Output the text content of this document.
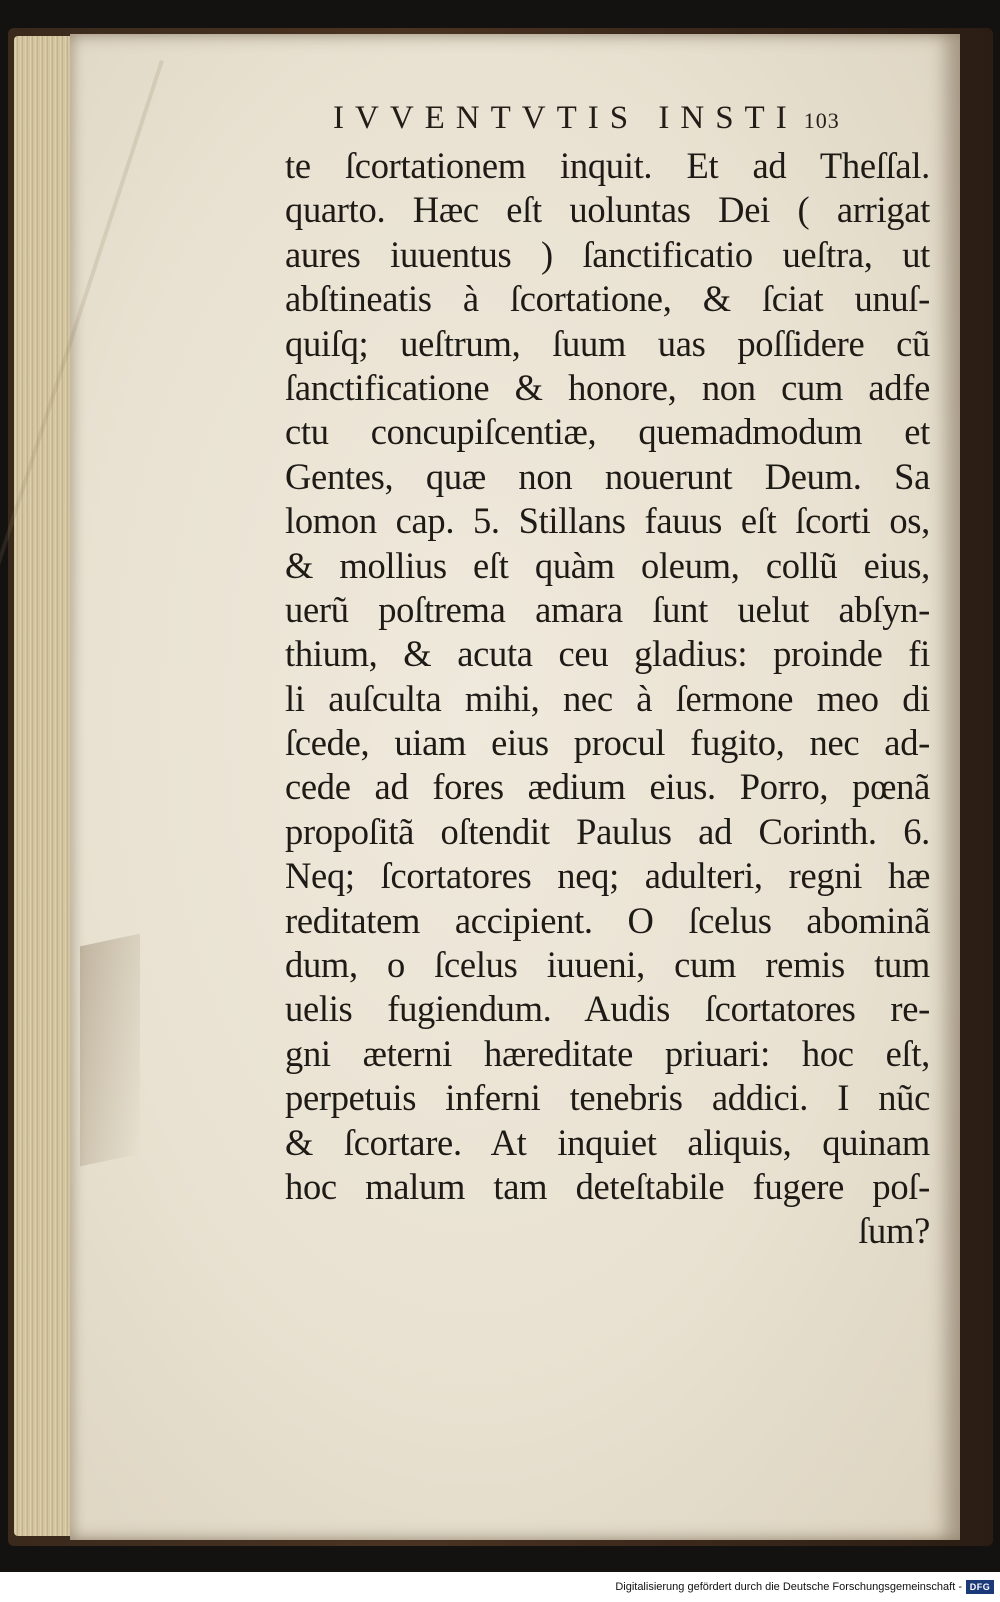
IVVENTVTIS INSTI 103
te ſcortationem inquit. Et ad Theſſal.
quarto. Hæc eſt uoluntas Dei ( arrigat
aures iuuentus ) ſanctificatio ueſtra, ut
abſtineatis à ſcortatione, & ſciat unuſ-
quiſq; ueſtrum, ſuum uas poſſidere cũ
ſanctificatione & honore, non cum adfe
ctu concupiſcentiæ, quemadmodum et
Gentes, quæ non nouerunt Deum. Sa
lomon cap. 5. Stillans fauus eſt ſcorti os,
& mollius eſt quàm oleum, collũ eius,
uerũ poſtrema amara ſunt uelut abſyn-
thium, & acuta ceu gladius: proinde fi
li auſculta mihi, nec à ſermone meo di
ſcede, uiam eius procul fugito, nec ad-
cede ad fores ædium eius. Porro, pœnã
propoſitã oſtendit Paulus ad Corinth. 6.
Neq; ſcortatores neq; adulteri, regni hæ
reditatem accipient. O ſcelus abominã
dum, o ſcelus iuueni, cum remis tum
uelis fugiendum. Audis ſcortatores re-
gni æterni hæreditate priuari: hoc eſt,
perpetuis inferni tenebris addici. I nũc
& ſcortare. At inquiet aliquis, quinam
hoc malum tam deteſtabile fugere poſ-
ſum?
Digitalisierung gefördert durch die Deutsche Forschungsgemeinschaft - DFG
